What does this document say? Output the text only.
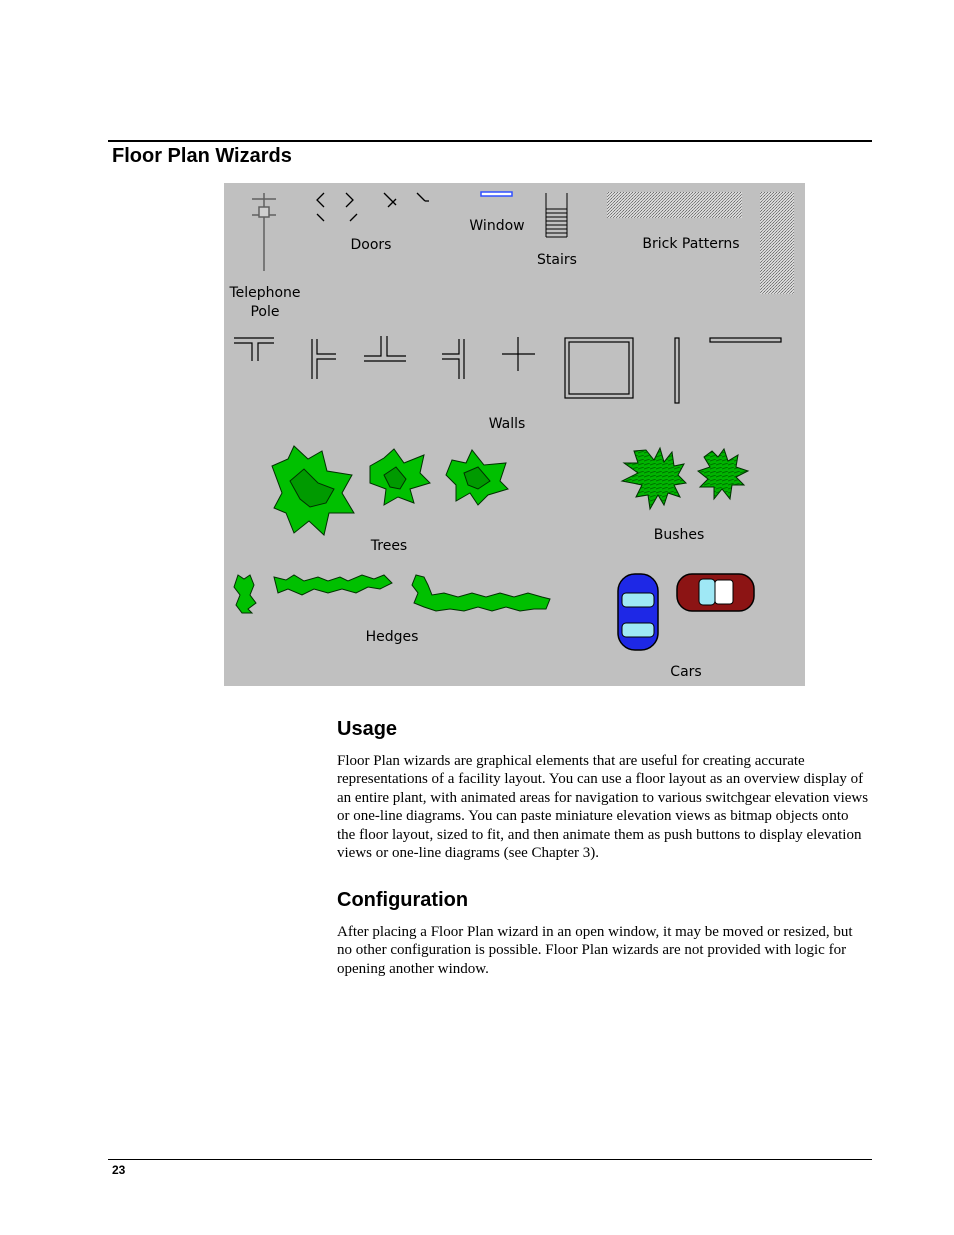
Floor Plan Wizards
Telephone
Pole
Doors
Window
Stairs
Brick Patterns
Walls
Trees
Bushes
Hedges
Cars
Usage

Floor Plan wizards are graphical elements that are useful for creating accurate representations of a facility layout. You can use a floor layout as an overview display of an entire plant, with animated areas for navigation to various switchgear elevation views or one-line diagrams. You can paste miniature elevation views as bitmap objects onto the floor layout, sized to fit, and then animate them as push buttons to display elevation views or one-line diagrams (see Chapter 3).

Configuration

After placing a Floor Plan wizard in an open window, it may be moved or resized, but no other configuration is possible. Floor Plan wizards are not provided with logic for opening another window.

23
